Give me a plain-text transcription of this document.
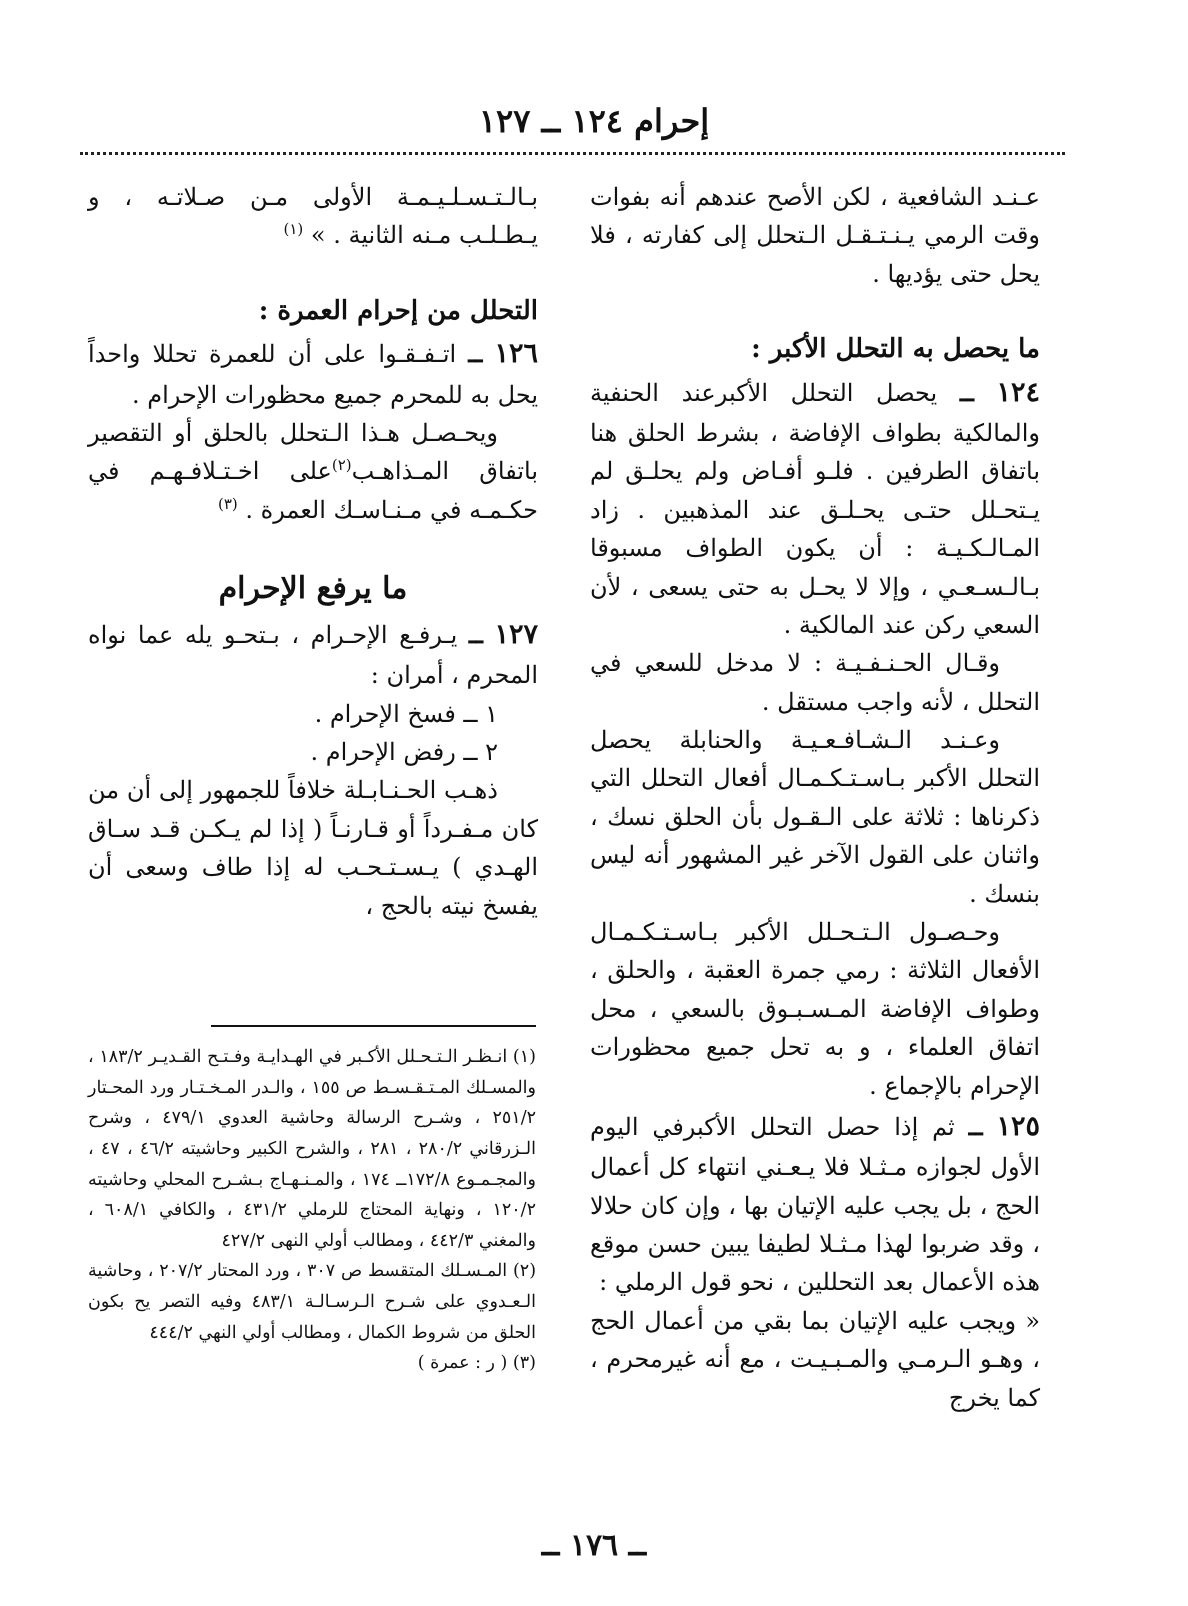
إحرام ١٢٤ ــ ١٢٧

عـنـد الشافعية ، لكن الأصح عندهم أنه بفوات وقت الرمي يـنـتـقـل الـتحلل إلى كفارته ، فلا يحل حتى يؤديها .

ما يحصل به التحلل الأكبر :

١٢٤ ــ يحصل التحلل الأكبرعند الحنفية والمالكية بطواف الإفاضة ، بشرط الحلق هنا باتفاق الطرفين . فلـو أفـاض ولم يحلـق لم يـتحـلل حتـى يحـلـق عند المذهبين . زاد المـالـكـيـة : أن يكون الطواف مسبوقا بـالـسـعـي ، وإلا لا يحـل به حتى يسعى ، لأن السعي ركن عند المالكية .

وقـال الحـنـفـيـة : لا مدخل للسعي في التحلل ، لأنه واجب مستقل .

وعـنـد الـشـافـعـيـة والحنابلة يحصل التحلل الأكبر بـاسـتـكـمـال أفعال التحلل التي ذكرناها : ثلاثة على الـقـول بأن الحلق نسك ، واثنان على القول الآخر غير المشهور أنه ليس بنسك .

وحـصـول الـتـحـلل الأكبر بـاسـتـكـمـال الأفعال الثلاثة : رمي جمرة العقبة ، والحلق ، وطواف الإفاضة المـسـبـوق بالسعي ، محل اتفاق العلماء ، و به تحل جميع محظورات الإحرام بالإجماع .

١٢٥ ــ ثم إذا حصل التحلل الأكبرفي اليوم الأول لجوازه مـثـلا فلا يـعـني انتهاء كل أعمال الحج ، بل يجب عليه الإتيان بها ، وإن كان حلالا ، وقد ضربوا لهذا مـثـلا لطيفا يبين حسن موقع هذه الأعمال بعد التحللين ، نحو قول الرملي :

« ويجب عليه الإتيان بما بقي من أعمال الحج ، وهـو الـرمـي والمـبـيـت ، مع أنه غيرمحرم ، كما يخرج

بـالـتـسـلـيـمـة الأولى مـن صـلاتـه ، و يـطـلـب مـنه الثانية . » $^{(١)}$

التحلل من إحرام العمرة :

١٢٦ ــ اتـفـقـوا على أن للعمرة تحللا واحداً يحل به للمحرم جميع محظورات الإحرام .

ويحـصـل هـذا الـتحلل بالحلق أو التقصير باتفاق المـذاهـب$^{(٢)}$على اخـتـلافـهـم في حكـمـه في مـنـاسـك العمرة . $^{(٣)}$

ما يرفع الإحرام

١٢٧ ــ يـرفـع الإحـرام ، بـتحـو يله عما نواه المحرم ، أمران :

١ ــ فسخ الإحرام .

٢ ــ رفض الإحرام .

ذهـب الحـنـابـلة خلافاً للجمهور إلى أن من كان مـفـرداً أو قـارنـاً ( إذا لم يـكـن قـد سـاق الهـدي ) يـسـتـحـب له إذا طاف وسعى أن يفسخ نيته بالحج ،

(١) انـظـر الـتـحـلل الأكـبر في الهـدايـة وفـتـح القـديـر ١٨٣/٢ ، والمسـلك المـتـقـسـط ص ١٥٥ ، والـدر المـخـتـار ورد المحـتار ٢٥١/٢ ، وشـرح الرسالة وحاشية العدوي ٤٧٩/١ ، وشرح الـزرقاني ٢٨٠/٢ ، ٢٨١ ، والشرح الكبير وحاشيته ٤٦/٢ ، ٤٧ ، والمجـمـوع ١٧٢/٨ــ ١٧٤ ، والمـنـهـاج بـشـرح المحلي وحاشيته ١٢٠/٢ ، ونهاية المحتاج للرملي ٤٣١/٢ ، والكافي ٦٠٨/١ ، والمغني ٤٤٢/٣ ، ومطالب أولي النهى ٤٢٧/٢

(٢) المـسـلك المتقسط ص ٣٠٧ ، ورد المحتار ٢٠٧/٢ ، وحاشية الـعـدوي على شـرح الـرسـالـة ٤٨٣/١ وفيه التصر يح بكون الحلق من شروط الكمال ، ومطالب أولي النهي ٤٤٤/٢

(٣) ( ر : عمرة )

ــ ١٧٦ ــ
